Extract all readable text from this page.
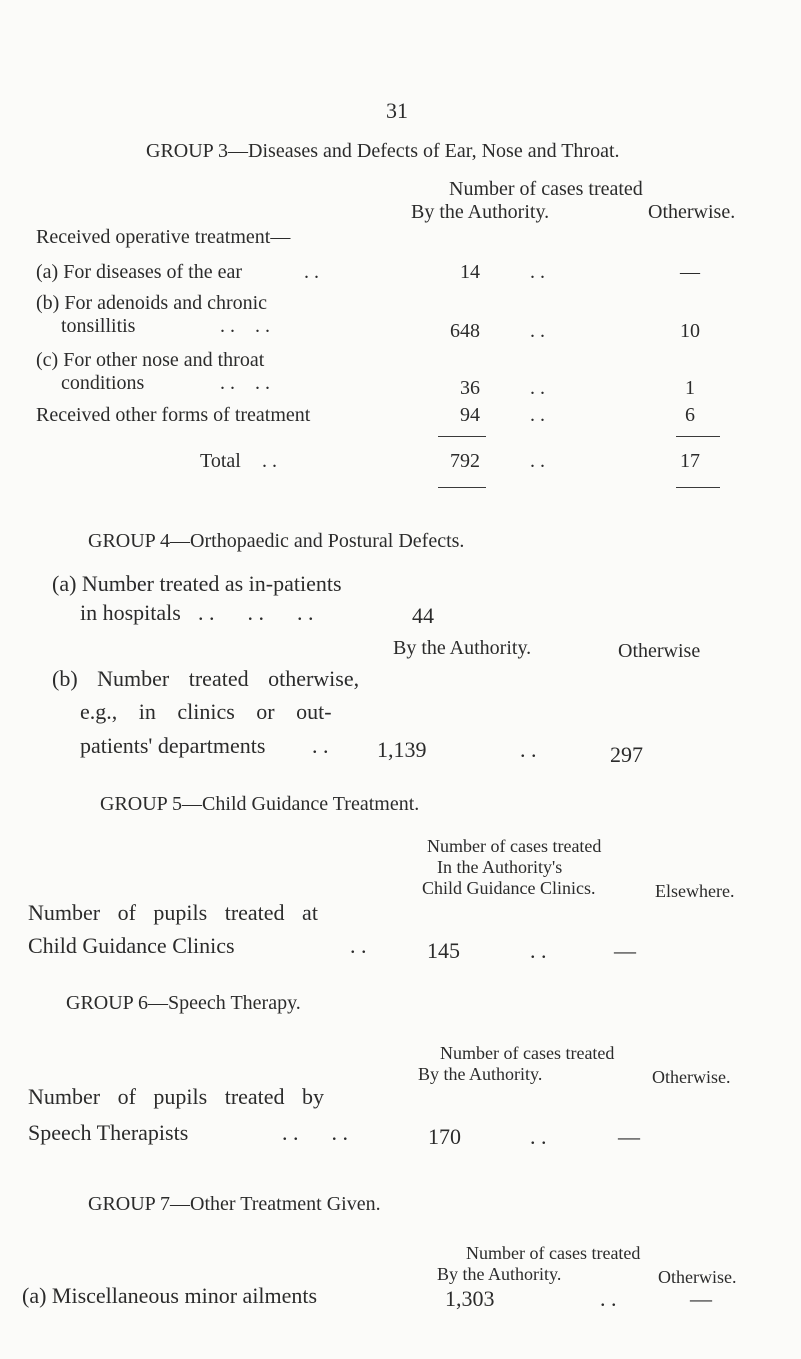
31
GROUP 3—Diseases and Defects of Ear, Nose and Throat.
Number of cases treated
By the Authority.	Otherwise.
Received operative treatment—
(a) For diseases of the ear	. .	14	. .	—
(b) For adenoids and chronic
tonsillitis	. .    . .	648	. .	10
(c) For other nose and throat
conditions	. .    . .	36	. .	1
Received other forms of treatment	94	. .	6
Total . .	792	. .	17
GROUP 4—Orthopaedic and Postural Defects.
(a) Number treated as in-patients
in hospitals . .      . .      . .	44
By the Authority.	Otherwise
(b) Number treated otherwise,
e.g., in clinics or out-
patients' departments . . 1,139	. .	297
GROUP 5—Child Guidance Treatment.
Number of cases treated
In the Authority's
Child Guidance Clinics.	Elsewhere.
Number of pupils treated at
Child Guidance Clinics	. .	145	. .	—
GROUP 6—Speech Therapy.
Number of cases treated
By the Authority.	Otherwise.
Number of pupils treated by
Speech Therapists	. .      . .	170	. .	—
GROUP 7—Other Treatment Given.
Number of cases treated
By the Authority.	Otherwise.
(a) Miscellaneous minor ailments	1,303	. .	—
